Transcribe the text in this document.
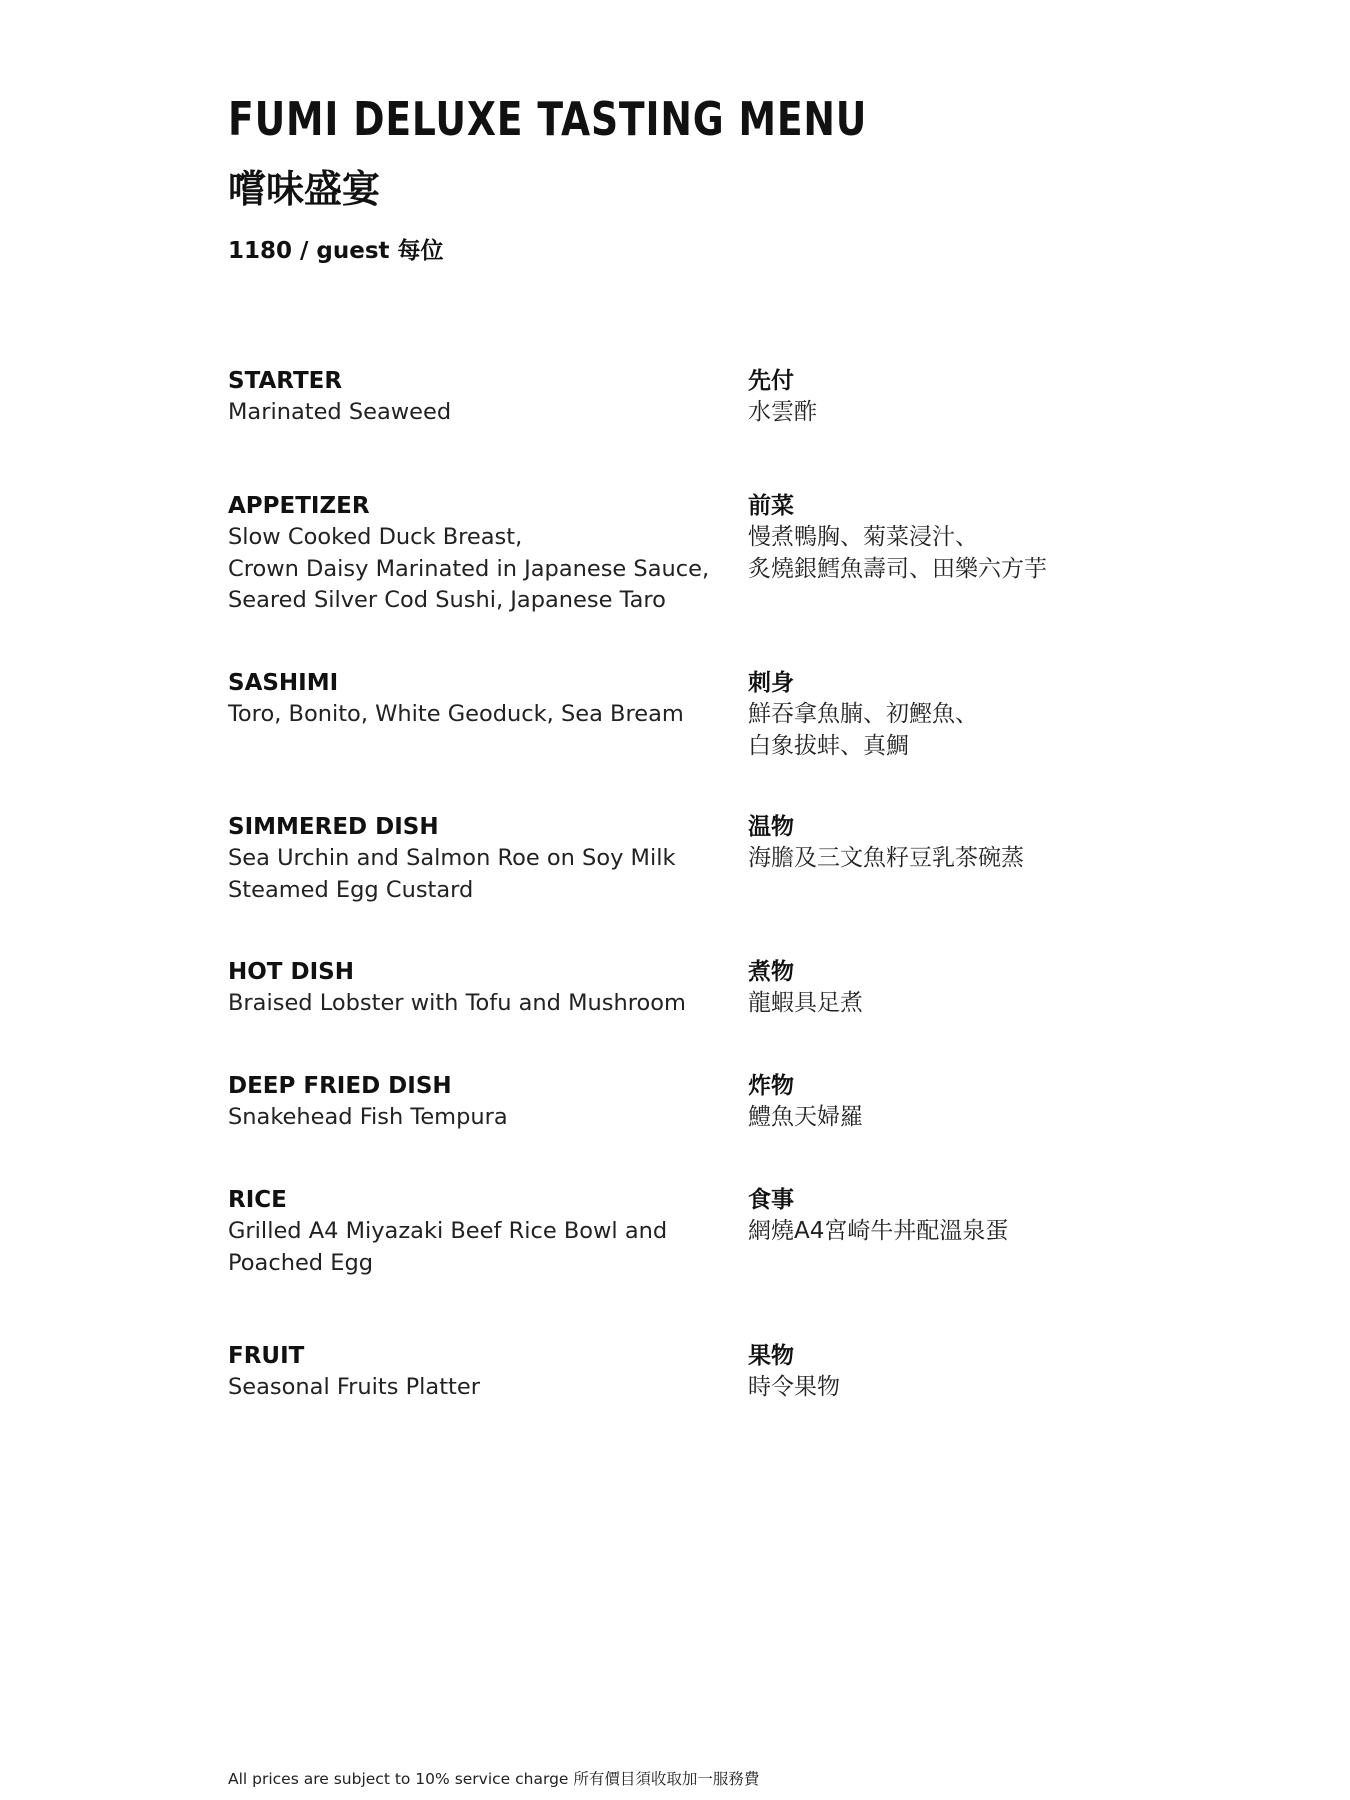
FUMI DELUXE TASTING MENU
嚐味盛宴
1180 / guest 每位
STARTER
Marinated Seaweed
先付
水雲酢
APPETIZER
Slow Cooked Duck Breast,
Crown Daisy Marinated in Japanese Sauce,
Seared Silver Cod Sushi, Japanese Taro
前菜
慢煮鴨胸、菊菜浸汁、
炙燒銀鱈魚壽司、田樂六方芋
SASHIMI
Toro, Bonito, White Geoduck, Sea Bream
刺身
鮮吞拿魚腩、初鰹魚、
白象拔蚌、真鯛
SIMMERED DISH
Sea Urchin and Salmon Roe on Soy Milk
Steamed Egg Custard
温物
海膽及三文魚籽豆乳茶碗蒸
HOT DISH
Braised Lobster with Tofu and Mushroom
煮物
龍蝦具足煮
DEEP FRIED DISH
Snakehead Fish Tempura
炸物
鱧魚天婦羅
RICE
Grilled A4 Miyazaki Beef Rice Bowl and
Poached Egg
食事
網燒A4宮崎牛丼配溫泉蛋
FRUIT
Seasonal Fruits Platter
果物
時令果物
All prices are subject to 10% service charge 所有價目須收取加一服務費
